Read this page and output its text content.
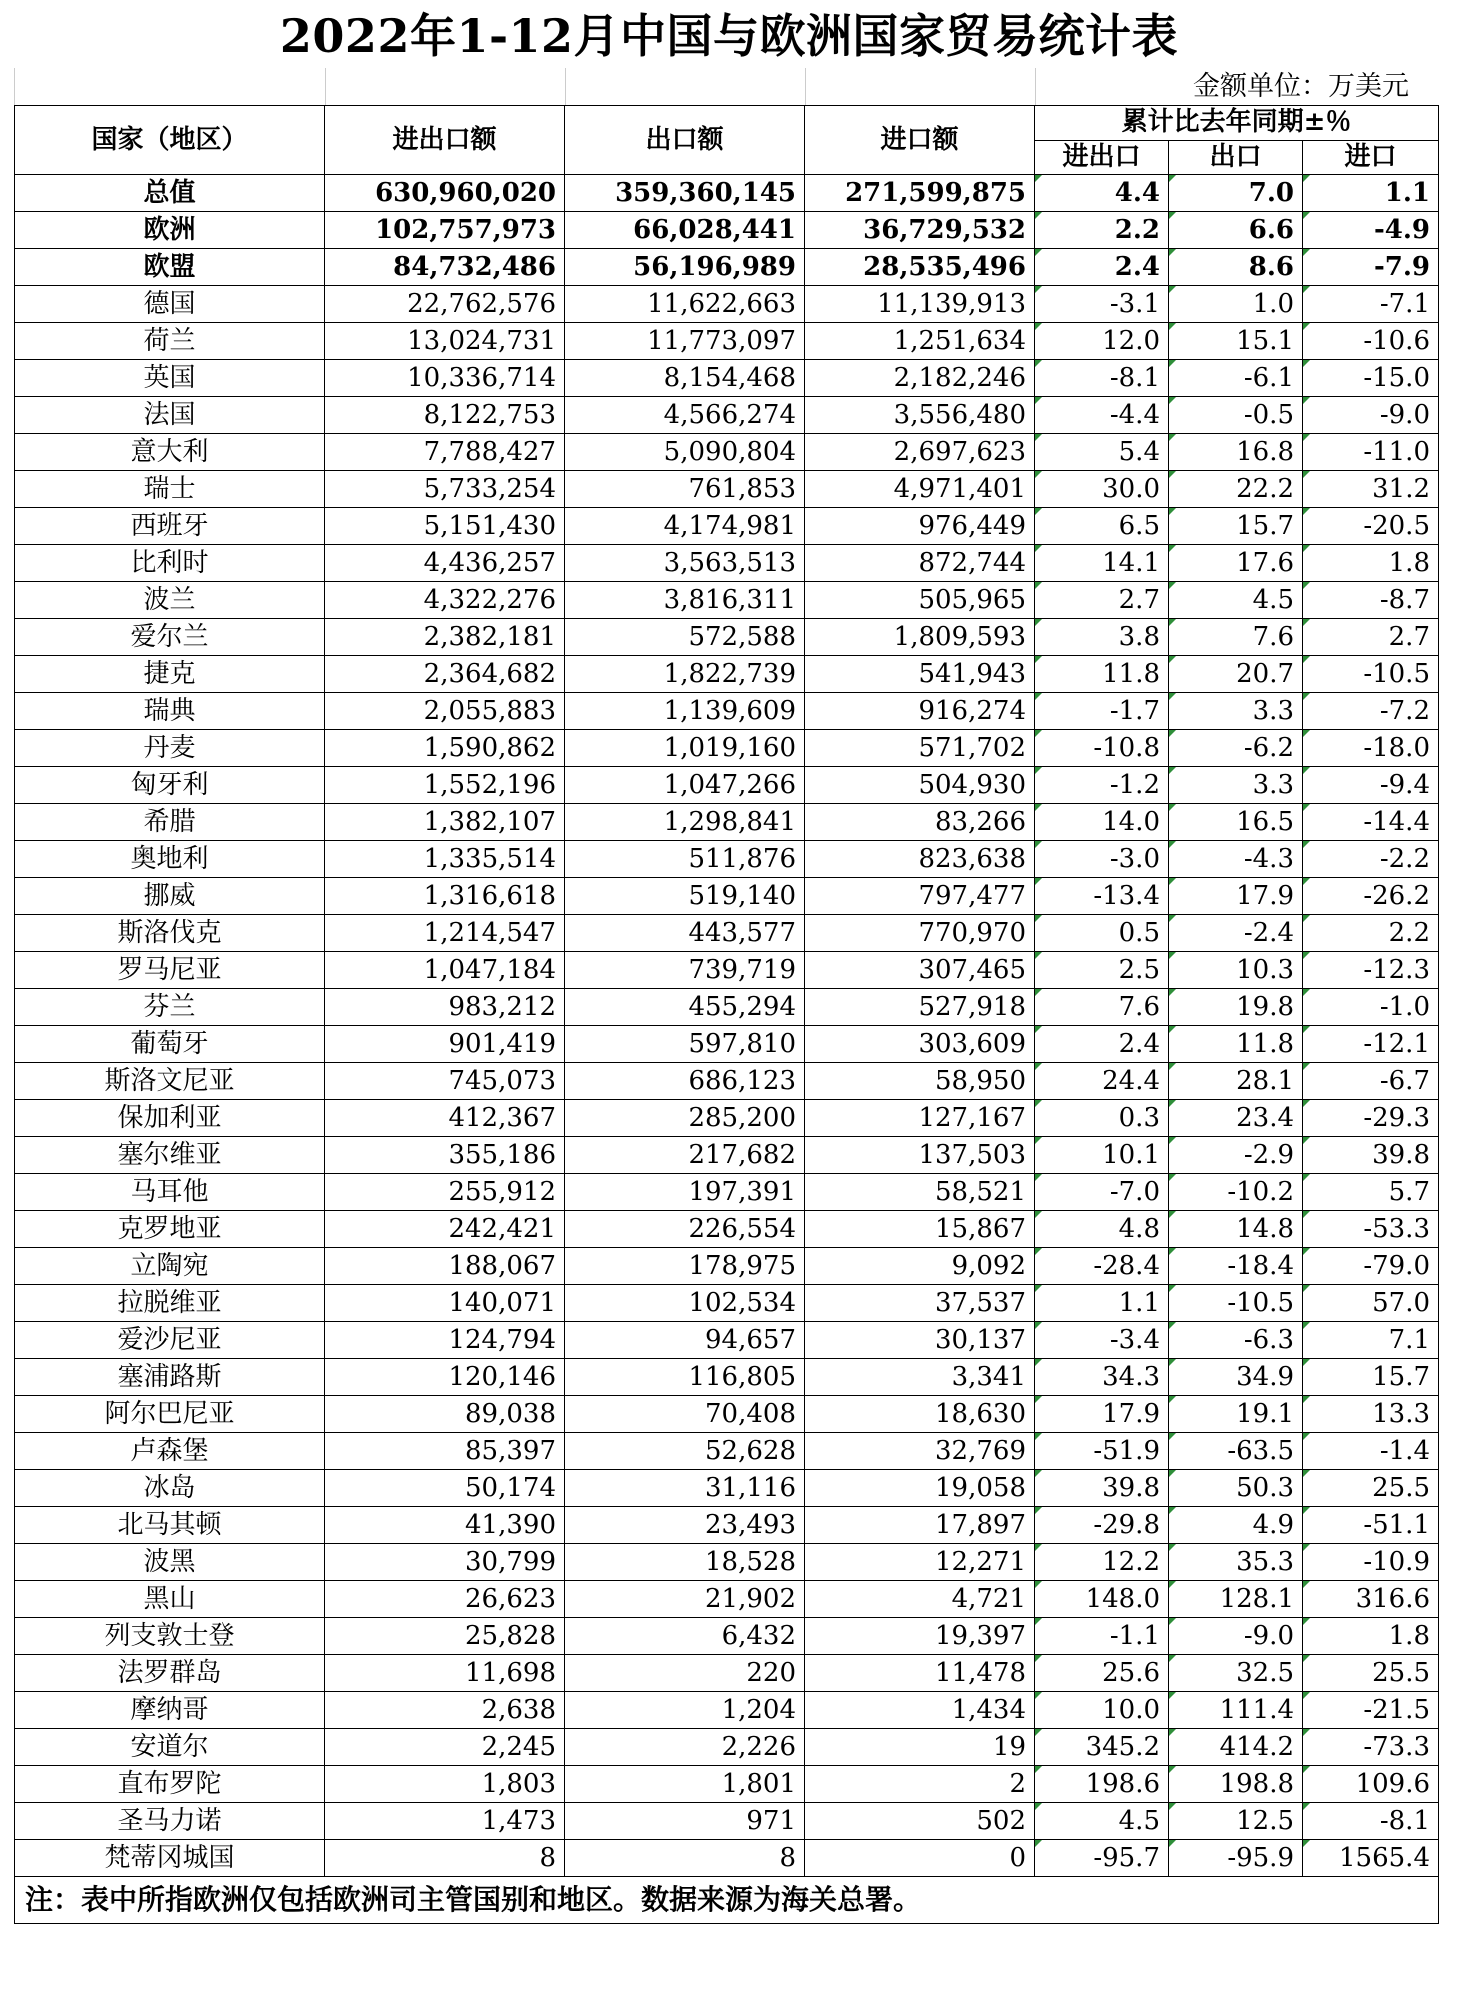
2022年1-12月中国与欧洲国家贸易统计表
金额单位：万美元
国家（地区）	进出口额	出口额	进口额	累计比去年同期±％		
				进出口	出口	进口
总值	630,960,020	359,360,145	271,599,875	4.4	7.0	1.1
欧洲	102,757,973	66,028,441	36,729,532	2.2	6.6	-4.9
欧盟	84,732,486	56,196,989	28,535,496	2.4	8.6	-7.9
德国	22,762,576	11,622,663	11,139,913	-3.1	1.0	-7.1
荷兰	13,024,731	11,773,097	1,251,634	12.0	15.1	-10.6
英国	10,336,714	8,154,468	2,182,246	-8.1	-6.1	-15.0
法国	8,122,753	4,566,274	3,556,480	-4.4	-0.5	-9.0
意大利	7,788,427	5,090,804	2,697,623	5.4	16.8	-11.0
瑞士	5,733,254	761,853	4,971,401	30.0	22.2	31.2
西班牙	5,151,430	4,174,981	976,449	6.5	15.7	-20.5
比利时	4,436,257	3,563,513	872,744	14.1	17.6	1.8
波兰	4,322,276	3,816,311	505,965	2.7	4.5	-8.7
爱尔兰	2,382,181	572,588	1,809,593	3.8	7.6	2.7
捷克	2,364,682	1,822,739	541,943	11.8	20.7	-10.5
瑞典	2,055,883	1,139,609	916,274	-1.7	3.3	-7.2
丹麦	1,590,862	1,019,160	571,702	-10.8	-6.2	-18.0
匈牙利	1,552,196	1,047,266	504,930	-1.2	3.3	-9.4
希腊	1,382,107	1,298,841	83,266	14.0	16.5	-14.4
奥地利	1,335,514	511,876	823,638	-3.0	-4.3	-2.2
挪威	1,316,618	519,140	797,477	-13.4	17.9	-26.2
斯洛伐克	1,214,547	443,577	770,970	0.5	-2.4	2.2
罗马尼亚	1,047,184	739,719	307,465	2.5	10.3	-12.3
芬兰	983,212	455,294	527,918	7.6	19.8	-1.0
葡萄牙	901,419	597,810	303,609	2.4	11.8	-12.1
斯洛文尼亚	745,073	686,123	58,950	24.4	28.1	-6.7
保加利亚	412,367	285,200	127,167	0.3	23.4	-29.3
塞尔维亚	355,186	217,682	137,503	10.1	-2.9	39.8
马耳他	255,912	197,391	58,521	-7.0	-10.2	5.7
克罗地亚	242,421	226,554	15,867	4.8	14.8	-53.3
立陶宛	188,067	178,975	9,092	-28.4	-18.4	-79.0
拉脱维亚	140,071	102,534	37,537	1.1	-10.5	57.0
爱沙尼亚	124,794	94,657	30,137	-3.4	-6.3	7.1
塞浦路斯	120,146	116,805	3,341	34.3	34.9	15.7
阿尔巴尼亚	89,038	70,408	18,630	17.9	19.1	13.3
卢森堡	85,397	52,628	32,769	-51.9	-63.5	-1.4
冰岛	50,174	31,116	19,058	39.8	50.3	25.5
北马其顿	41,390	23,493	17,897	-29.8	4.9	-51.1
波黑	30,799	18,528	12,271	12.2	35.3	-10.9
黑山	26,623	21,902	4,721	148.0	128.1	316.6
列支敦士登	25,828	6,432	19,397	-1.1	-9.0	1.8
法罗群岛	11,698	220	11,478	25.6	32.5	25.5
摩纳哥	2,638	1,204	1,434	10.0	111.4	-21.5
安道尔	2,245	2,226	19	345.2	414.2	-73.3
直布罗陀	1,803	1,801	2	198.6	198.8	109.6
圣马力诺	1,473	971	502	4.5	12.5	-8.1
梵蒂冈城国	8	8	0	-95.7	-95.9	1565.4
注：表中所指欧洲仅包括欧洲司主管国别和地区。数据来源为海关总署。						
